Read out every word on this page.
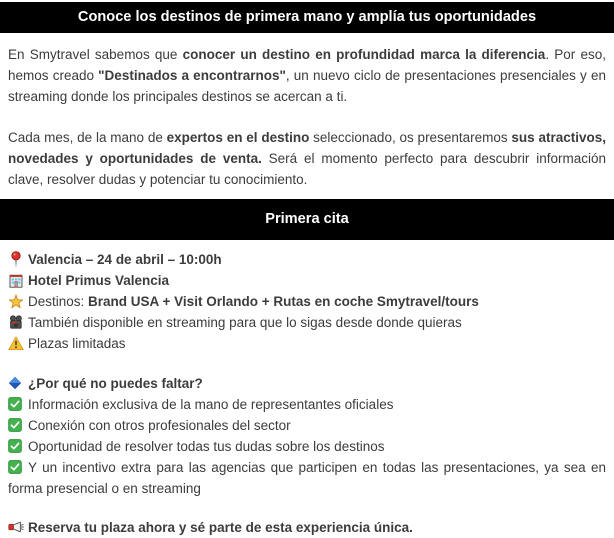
Conoce los destinos de primera mano y amplía tus oportunidades
En Smytravel sabemos que conocer un destino en profundidad marca la diferencia. Por eso, hemos creado "Destinados a encontrarnos", un nuevo ciclo de presentaciones presenciales y en streaming donde los principales destinos se acercan a ti.
Cada mes, de la mano de expertos en el destino seleccionado, os presentaremos sus atractivos, novedades y oportunidades de venta. Será el momento perfecto para descubrir información clave, resolver dudas y potenciar tu conocimiento.
Primera cita
Valencia – 24 de abril – 10:00h
Hotel Primus Valencia
Destinos: Brand USA + Visit Orlando + Rutas en coche Smytravel/tours
También disponible en streaming para que lo sigas desde donde quieras
Plazas limitadas
¿Por qué no puedes faltar?
Información exclusiva de la mano de representantes oficiales
Conexión con otros profesionales del sector
Oportunidad de resolver todas tus dudas sobre los destinos
Y un incentivo extra para las agencias que participen en todas las presentaciones, ya sea en forma presencial o en streaming
Reserva tu plaza ahora y sé parte de esta experiencia única.
